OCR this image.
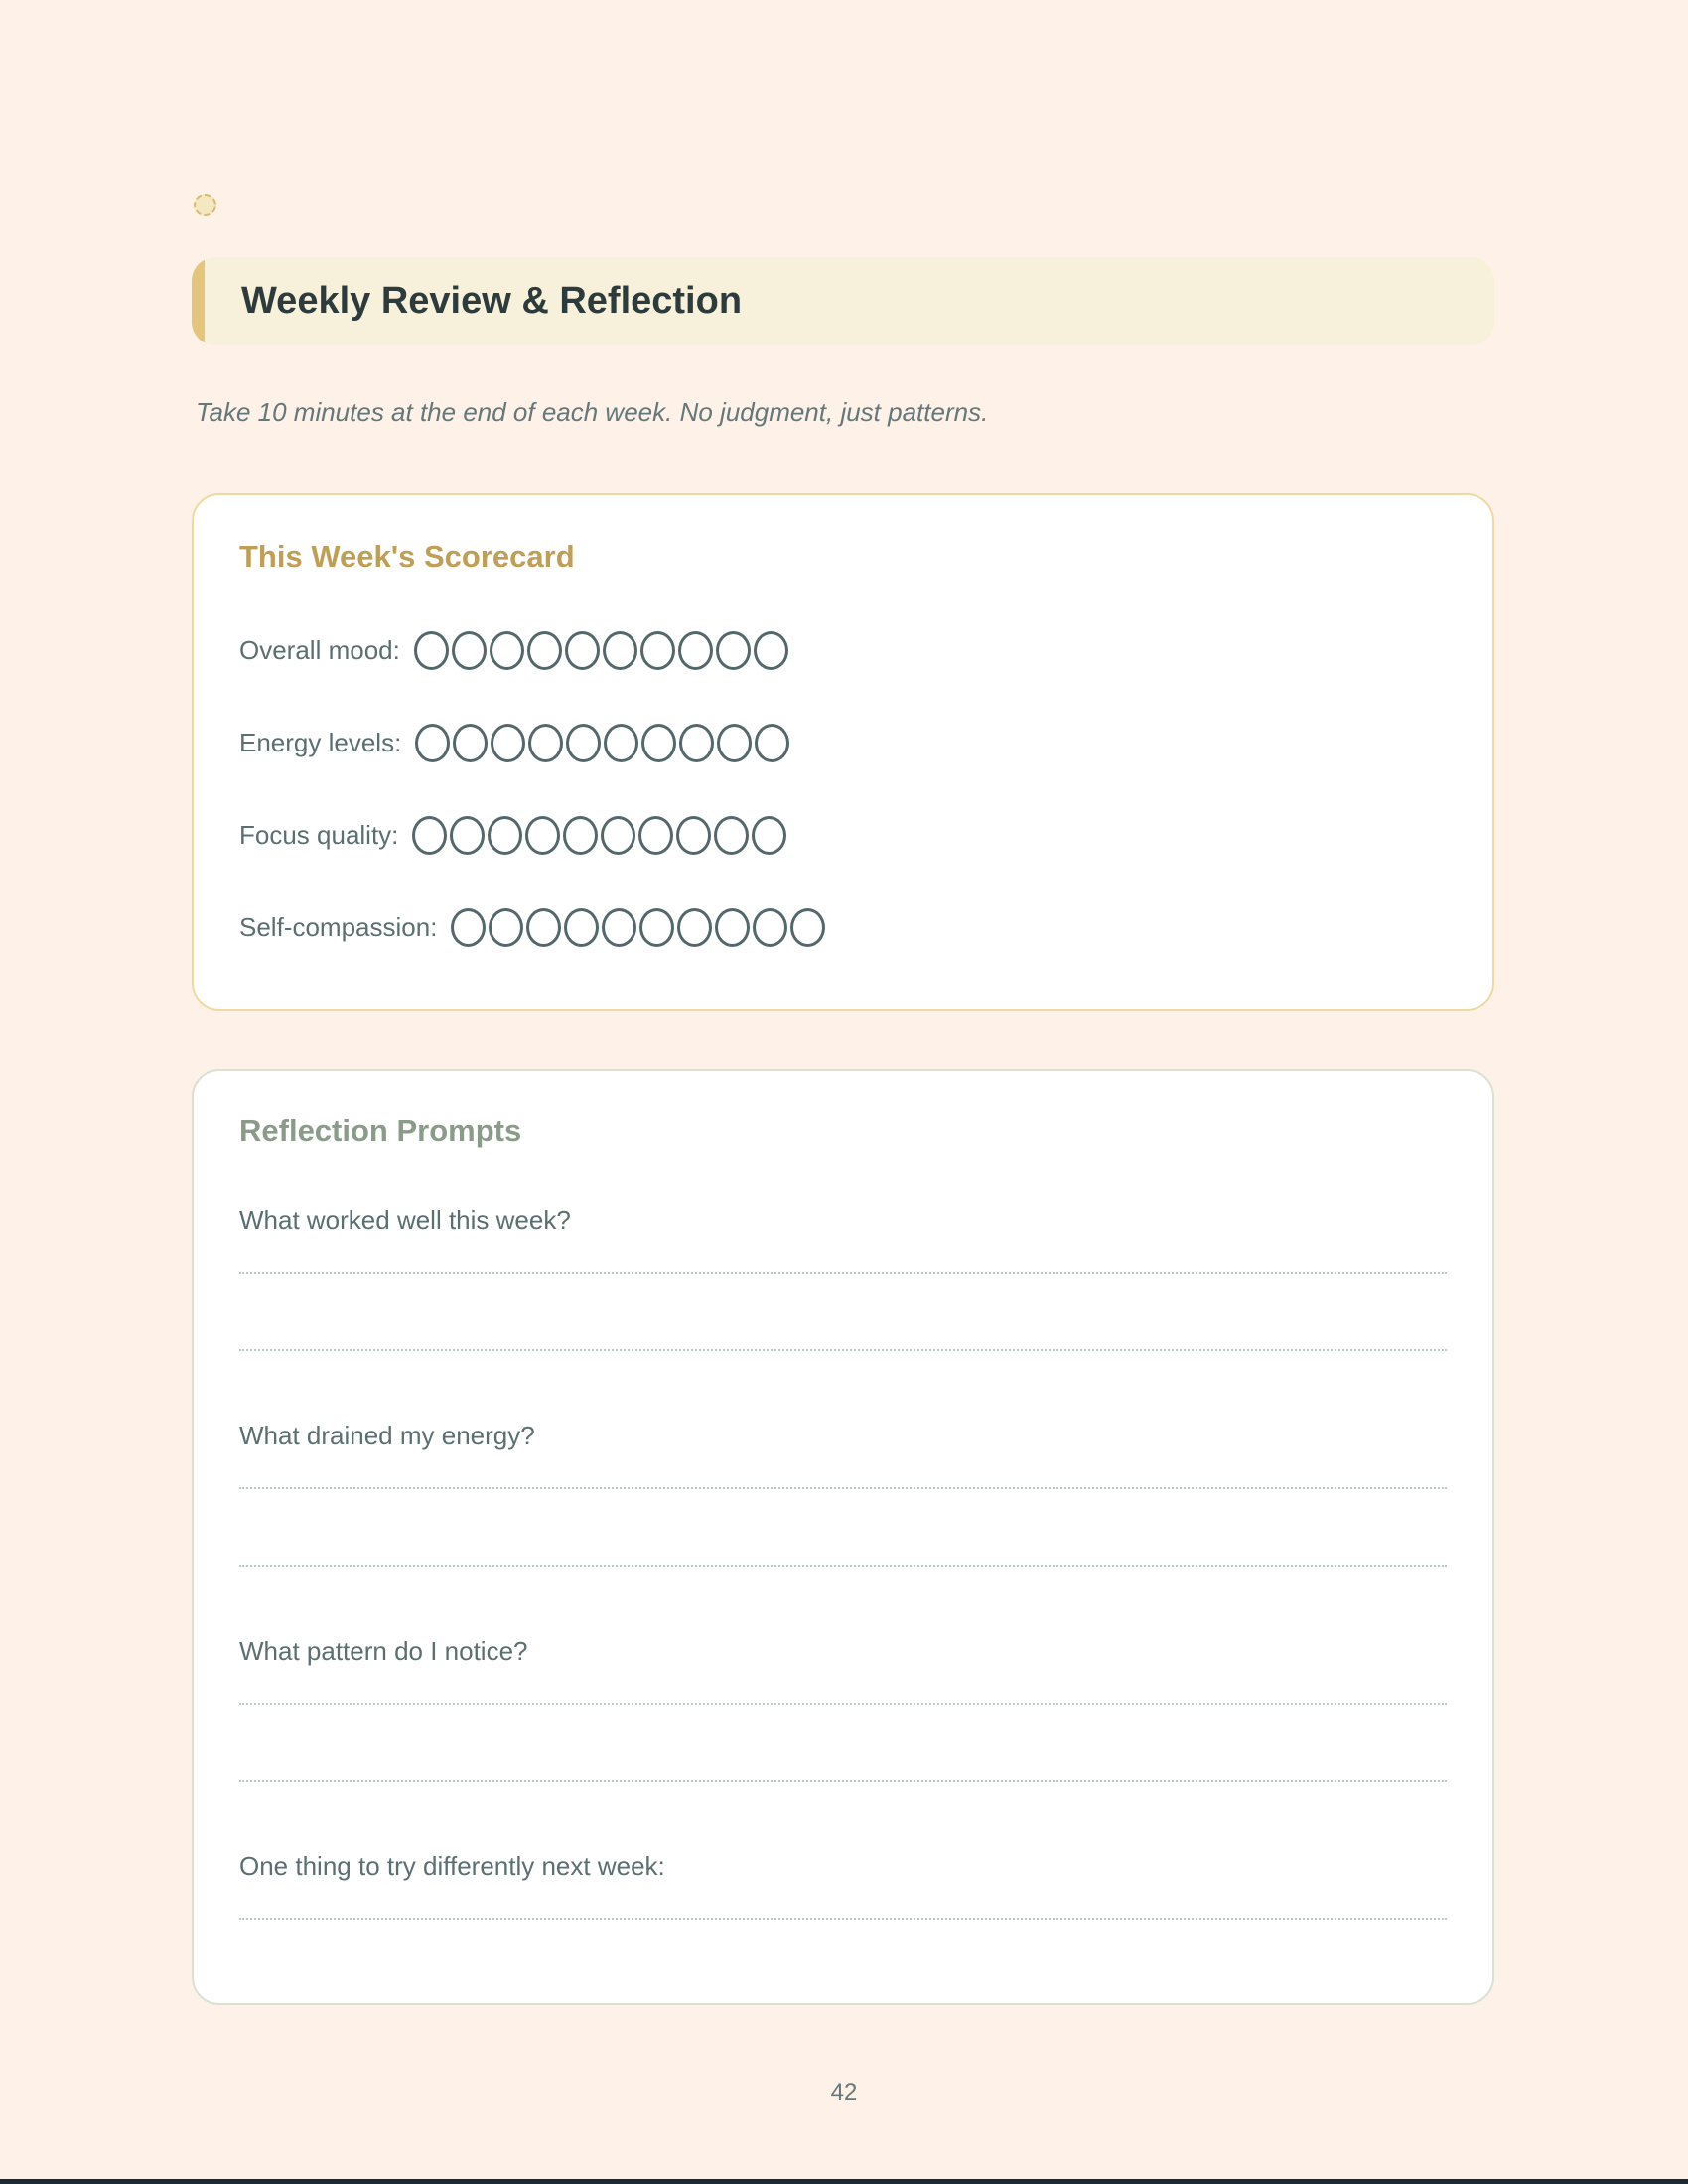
Weekly Review & Reflection

Take 10 minutes at the end of each week. No judgment, just patterns.

This Week's Scorecard
Overall mood:
Energy levels:
Focus quality:
Self-compassion:
Reflection Prompts
What worked well this week?
What drained my energy?
What pattern do I notice?
One thing to try differently next week:
42
